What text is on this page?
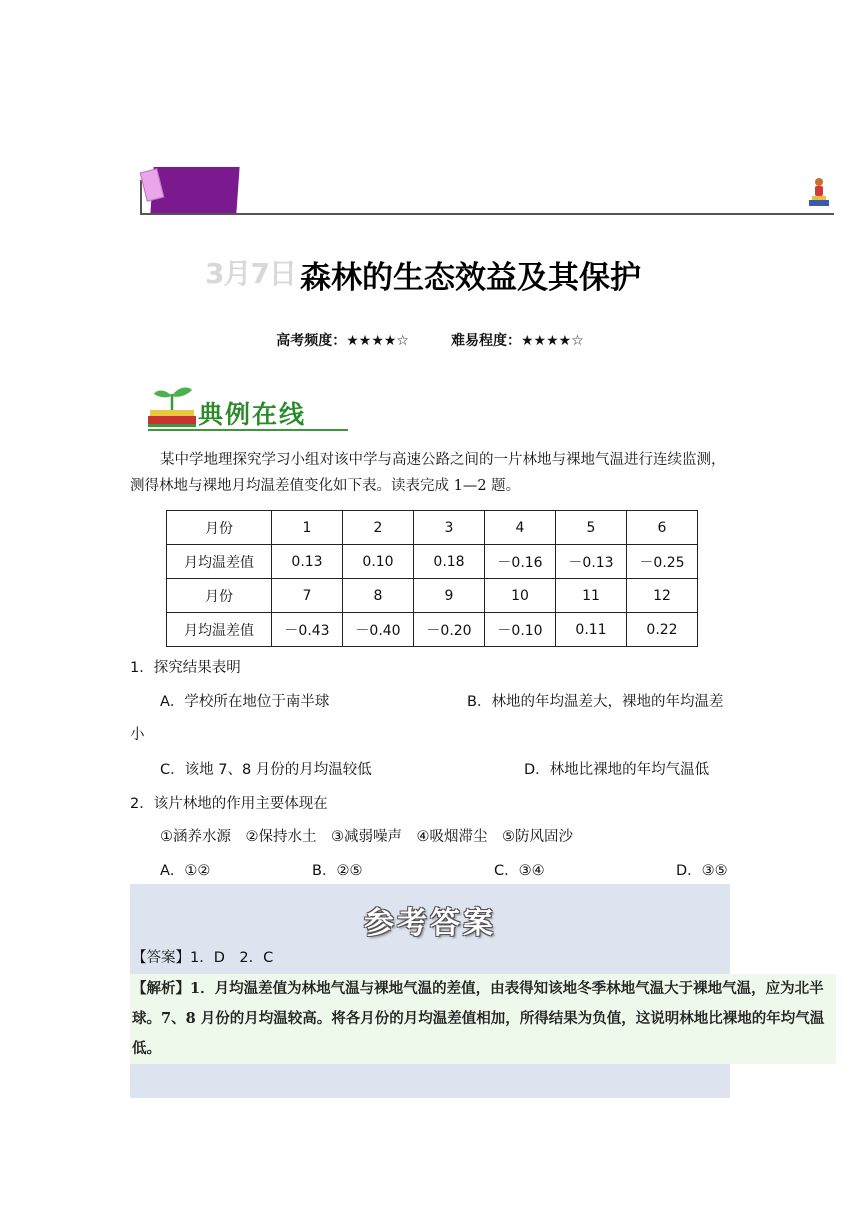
3月7日 森林的生态效益及其保护
高考频度：★★★★☆　　　	难易程度：★★★★☆
典例在线
某中学地理探究学习小组对该中学与高速公路之间的一片林地与裸地气温进行连续监测，测得林地与裸地月均温差值变化如下表。读表完成 1—2 题。
月份	1	2	3	4	5	6
月均温差值	0.13	0.10	0.18	－0.16	－0.13	－0.25
月份	7	8	9	10	11	12
月均温差值	－0.43	－0.40	－0.20	－0.10	0.11	0.22
1．探究结果表明
A．学校所在地位于南半球	B．林地的年均温差大，裸地的年均温差
小
C．该地 7、8 月份的月均温较低	D．林地比裸地的年均气温低
2．该片林地的作用主要体现在
①涵养水源　②保持水土　③减弱噪声　④吸烟滞尘　⑤防风固沙
A．①②	B．②⑤	C．③④	D．③⑤
参考答案
【答案】1．D　2．C
【解析】1．月均温差值为林地气温与裸地气温的差值，由表得知该地冬季林地气温大于裸地气温，应为北半球。7、8 月份的月均温较高。将各月份的月均温差值相加，所得结果为负值，这说明林地比裸地的年均气温低。
